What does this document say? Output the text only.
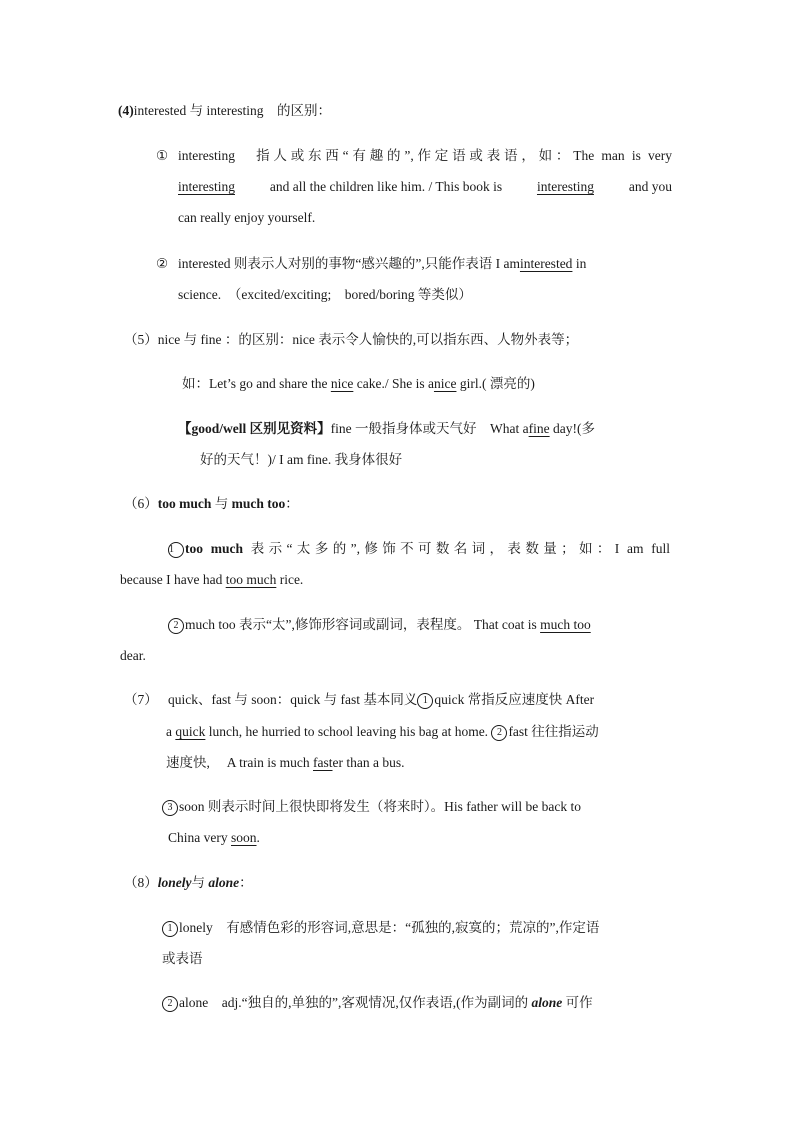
(4)interested 与 interesting　的区别：
① interesting　指人或东西“有趣的”,作定语或表语，如：The man is very
interesting	and all the children like him. / This book is	interesting	and you
can really enjoy yourself.
② interested 则表示人对别的事物“感兴趣的”,只能作表语 I aminterested in
science.　（excited/exciting;　bored/boring 等类似）
（5）nice 与 fine ：的区别：nice 表示令人愉快的,可以指东西、人物外表等；
如：Let’s go and share the nice cake./ She is anice girl.( 漂亮的)
【good/well 区别见资料】fine 一般指身体或天气好　What afine day!(多
好的天气！)/ I am fine. 我身体很好
（6）too much 与 much too：
1 too much 表示“太多的”,修饰不可数名词，表数量；如：I am full
because I have had too much rice.
2 much too 表示“太”,修饰形容词或副词，表程度。 That coat is much too
dear.
（7） quick、fast 与 soon：quick 与 fast 基本同义 1 quick 常指反应速度快 After
a quick lunch, he hurried to school leaving his bag at home. 2 fast 往往指运动
速度快,　 A train is much faster than a bus.
3 soon 则表示时间上很快即将发生（将来时）。His father will be back to
China very soon.
（8）lonely与 alone：
1 lonely　有感情色彩的形容词,意思是：“孤独的,寂寞的；荒凉的”,作定语
或表语
2 alone　adj.“独自的,单独的”,客观情况,仅作表语,(作为副词的 alone 可作
